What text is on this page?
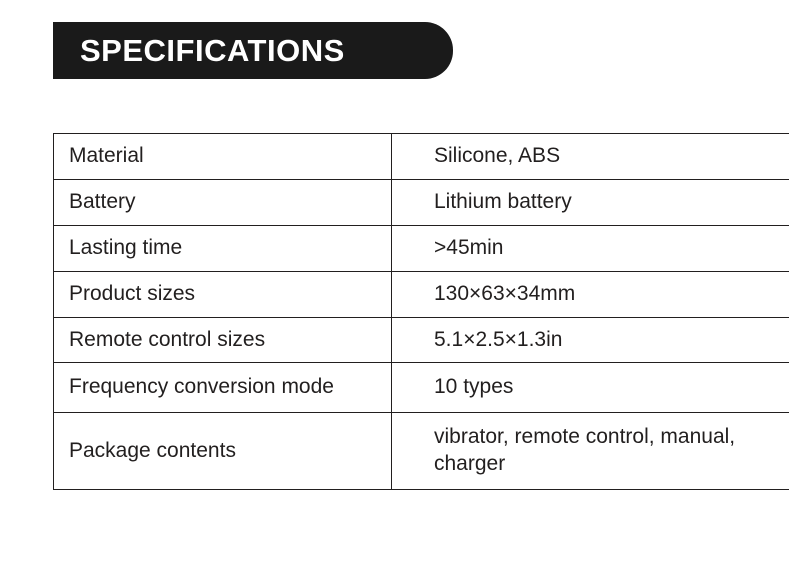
SPECIFICATIONS
Material	Silicone, ABS
Battery	Lithium battery
Lasting time	>45min
Product sizes	130×63×34mm
Remote control sizes	5.1×2.5×1.3in
Frequency conversion mode	10 types
Package contents	vibrator, remote control, manual, charger
